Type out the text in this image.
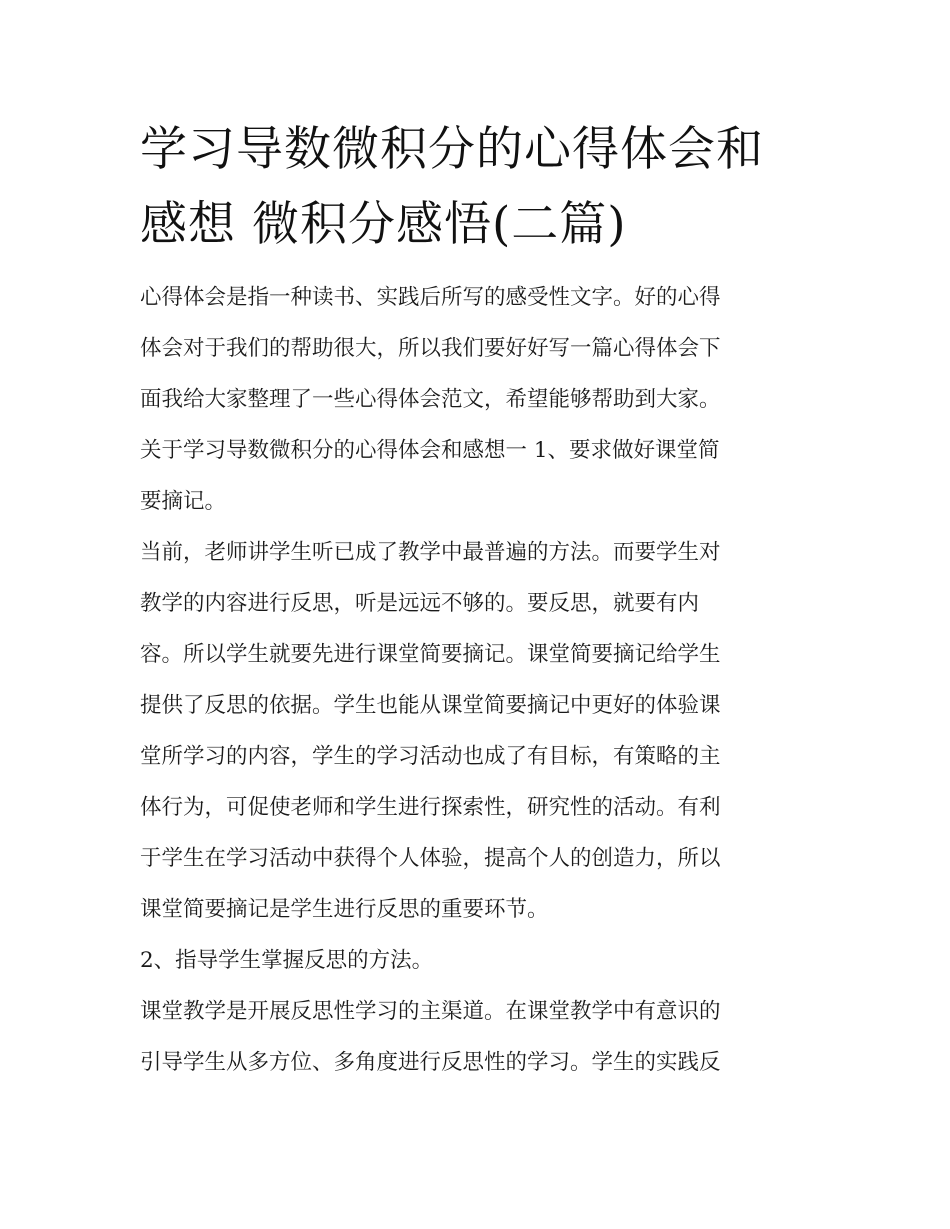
学习导数微积分的心得体会和
感想 微积分感悟(二篇)

心得体会是指一种读书、实践后所写的感受性文字。好的心得
体会对于我们的帮助很大，所以我们要好好写一篇心得体会下
面我给大家整理了一些心得体会范文，希望能够帮助到大家。

关于学习导数微积分的心得体会和感想一 1、要求做好课堂简
要摘记。

当前，老师讲学生听已成了教学中最普遍的方法。而要学生对
教学的内容进行反思，听是远远不够的。要反思，就要有内
容。所以学生就要先进行课堂简要摘记。课堂简要摘记给学生
提供了反思的依据。学生也能从课堂简要摘记中更好的体验课
堂所学习的内容，学生的学习活动也成了有目标，有策略的主
体行为，可促使老师和学生进行探索性，研究性的活动。有利
于学生在学习活动中获得个人体验，提高个人的创造力，所以
课堂简要摘记是学生进行反思的重要环节。

2、指导学生掌握反思的方法。

课堂教学是开展反思性学习的主渠道。在课堂教学中有意识的
引导学生从多方位、多角度进行反思性的学习。学生的实践反
